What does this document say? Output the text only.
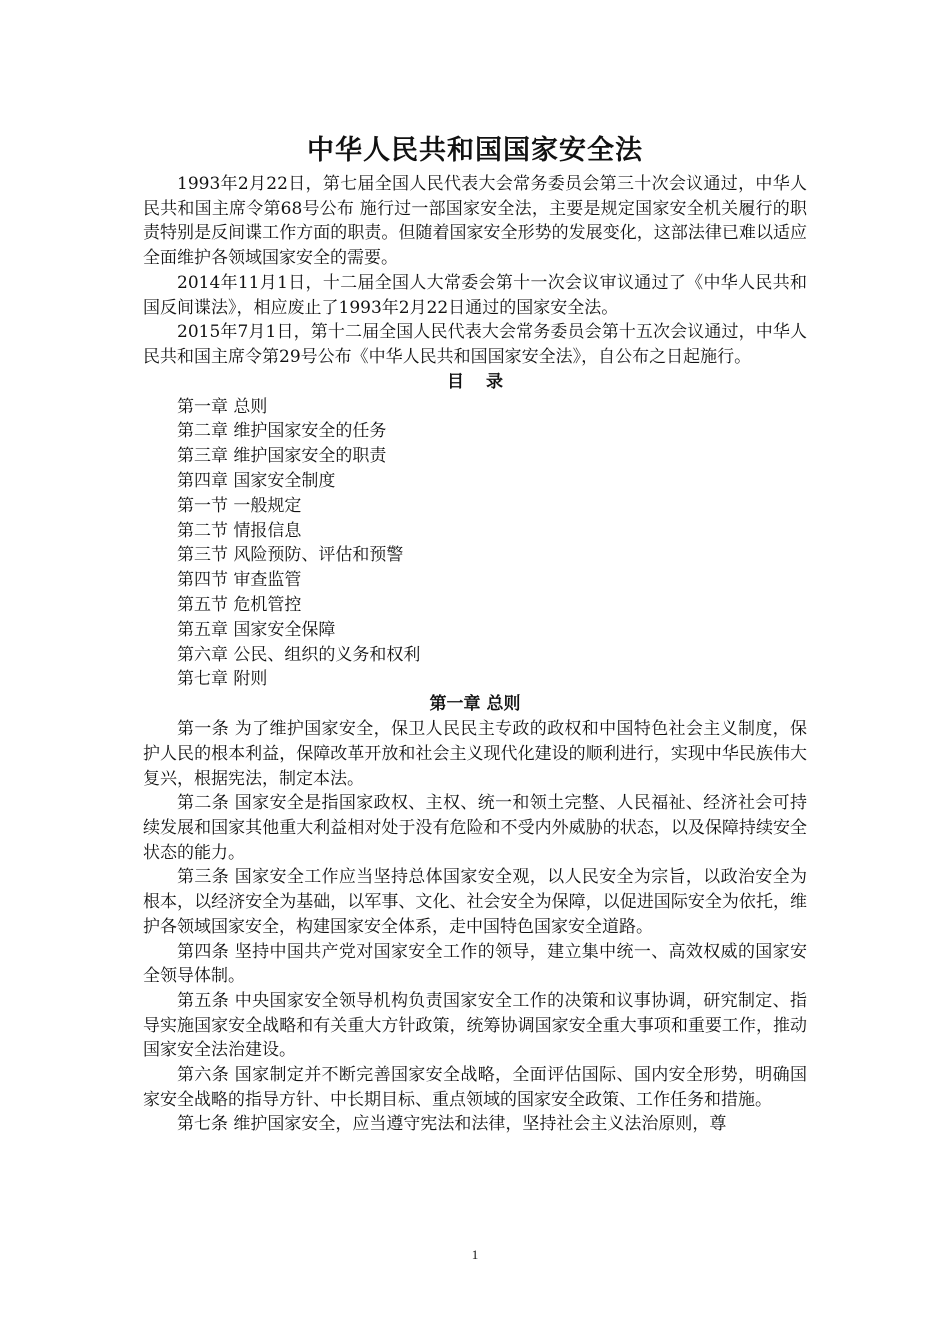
中华人民共和国国家安全法

1993年2月22日，第七届全国人民代表大会常务委员会第三十次会议通过，中华人民共和国主席令第68号公布 施行过一部国家安全法，主要是规定国家安全机关履行的职责特别是反间谍工作方面的职责。但随着国家安全形势的发展变化，这部法律已难以适应全面维护各领域国家安全的需要。

2014年11月1日，十二届全国人大常委会第十一次会议审议通过了《中华人民共和国反间谍法》，相应废止了1993年2月22日通过的国家安全法。

2015年7月1日，第十二届全国人民代表大会常务委员会第十五次会议通过，中华人民共和国主席令第29号公布《中华人民共和国国家安全法》，自公布之日起施行。

目 录
第一章 总则
第二章 维护国家安全的任务
第三章 维护国家安全的职责
第四章 国家安全制度
第一节 一般规定
第二节 情报信息
第三节 风险预防、评估和预警
第四节 审查监管
第五节 危机管控
第五章 国家安全保障
第六章 公民、组织的义务和权利
第七章 附则
第一章 总则

第一条 为了维护国家安全，保卫人民民主专政的政权和中国特色社会主义制度，保护人民的根本利益，保障改革开放和社会主义现代化建设的顺利进行，实现中华民族伟大复兴，根据宪法，制定本法。

第二条 国家安全是指国家政权、主权、统一和领土完整、人民福祉、经济社会可持续发展和国家其他重大利益相对处于没有危险和不受内外威胁的状态，以及保障持续安全状态的能力。

第三条 国家安全工作应当坚持总体国家安全观，以人民安全为宗旨，以政治安全为根本，以经济安全为基础，以军事、文化、社会安全为保障，以促进国际安全为依托，维护各领域国家安全，构建国家安全体系，走中国特色国家安全道路。

第四条 坚持中国共产党对国家安全工作的领导，建立集中统一、高效权威的国家安全领导体制。

第五条 中央国家安全领导机构负责国家安全工作的决策和议事协调，研究制定、指导实施国家安全战略和有关重大方针政策，统筹协调国家安全重大事项和重要工作，推动国家安全法治建设。

第六条 国家制定并不断完善国家安全战略，全面评估国际、国内安全形势，明确国家安全战略的指导方针、中长期目标、重点领域的国家安全政策、工作任务和措施。

第七条 维护国家安全，应当遵守宪法和法律，坚持社会主义法治原则，尊

1
